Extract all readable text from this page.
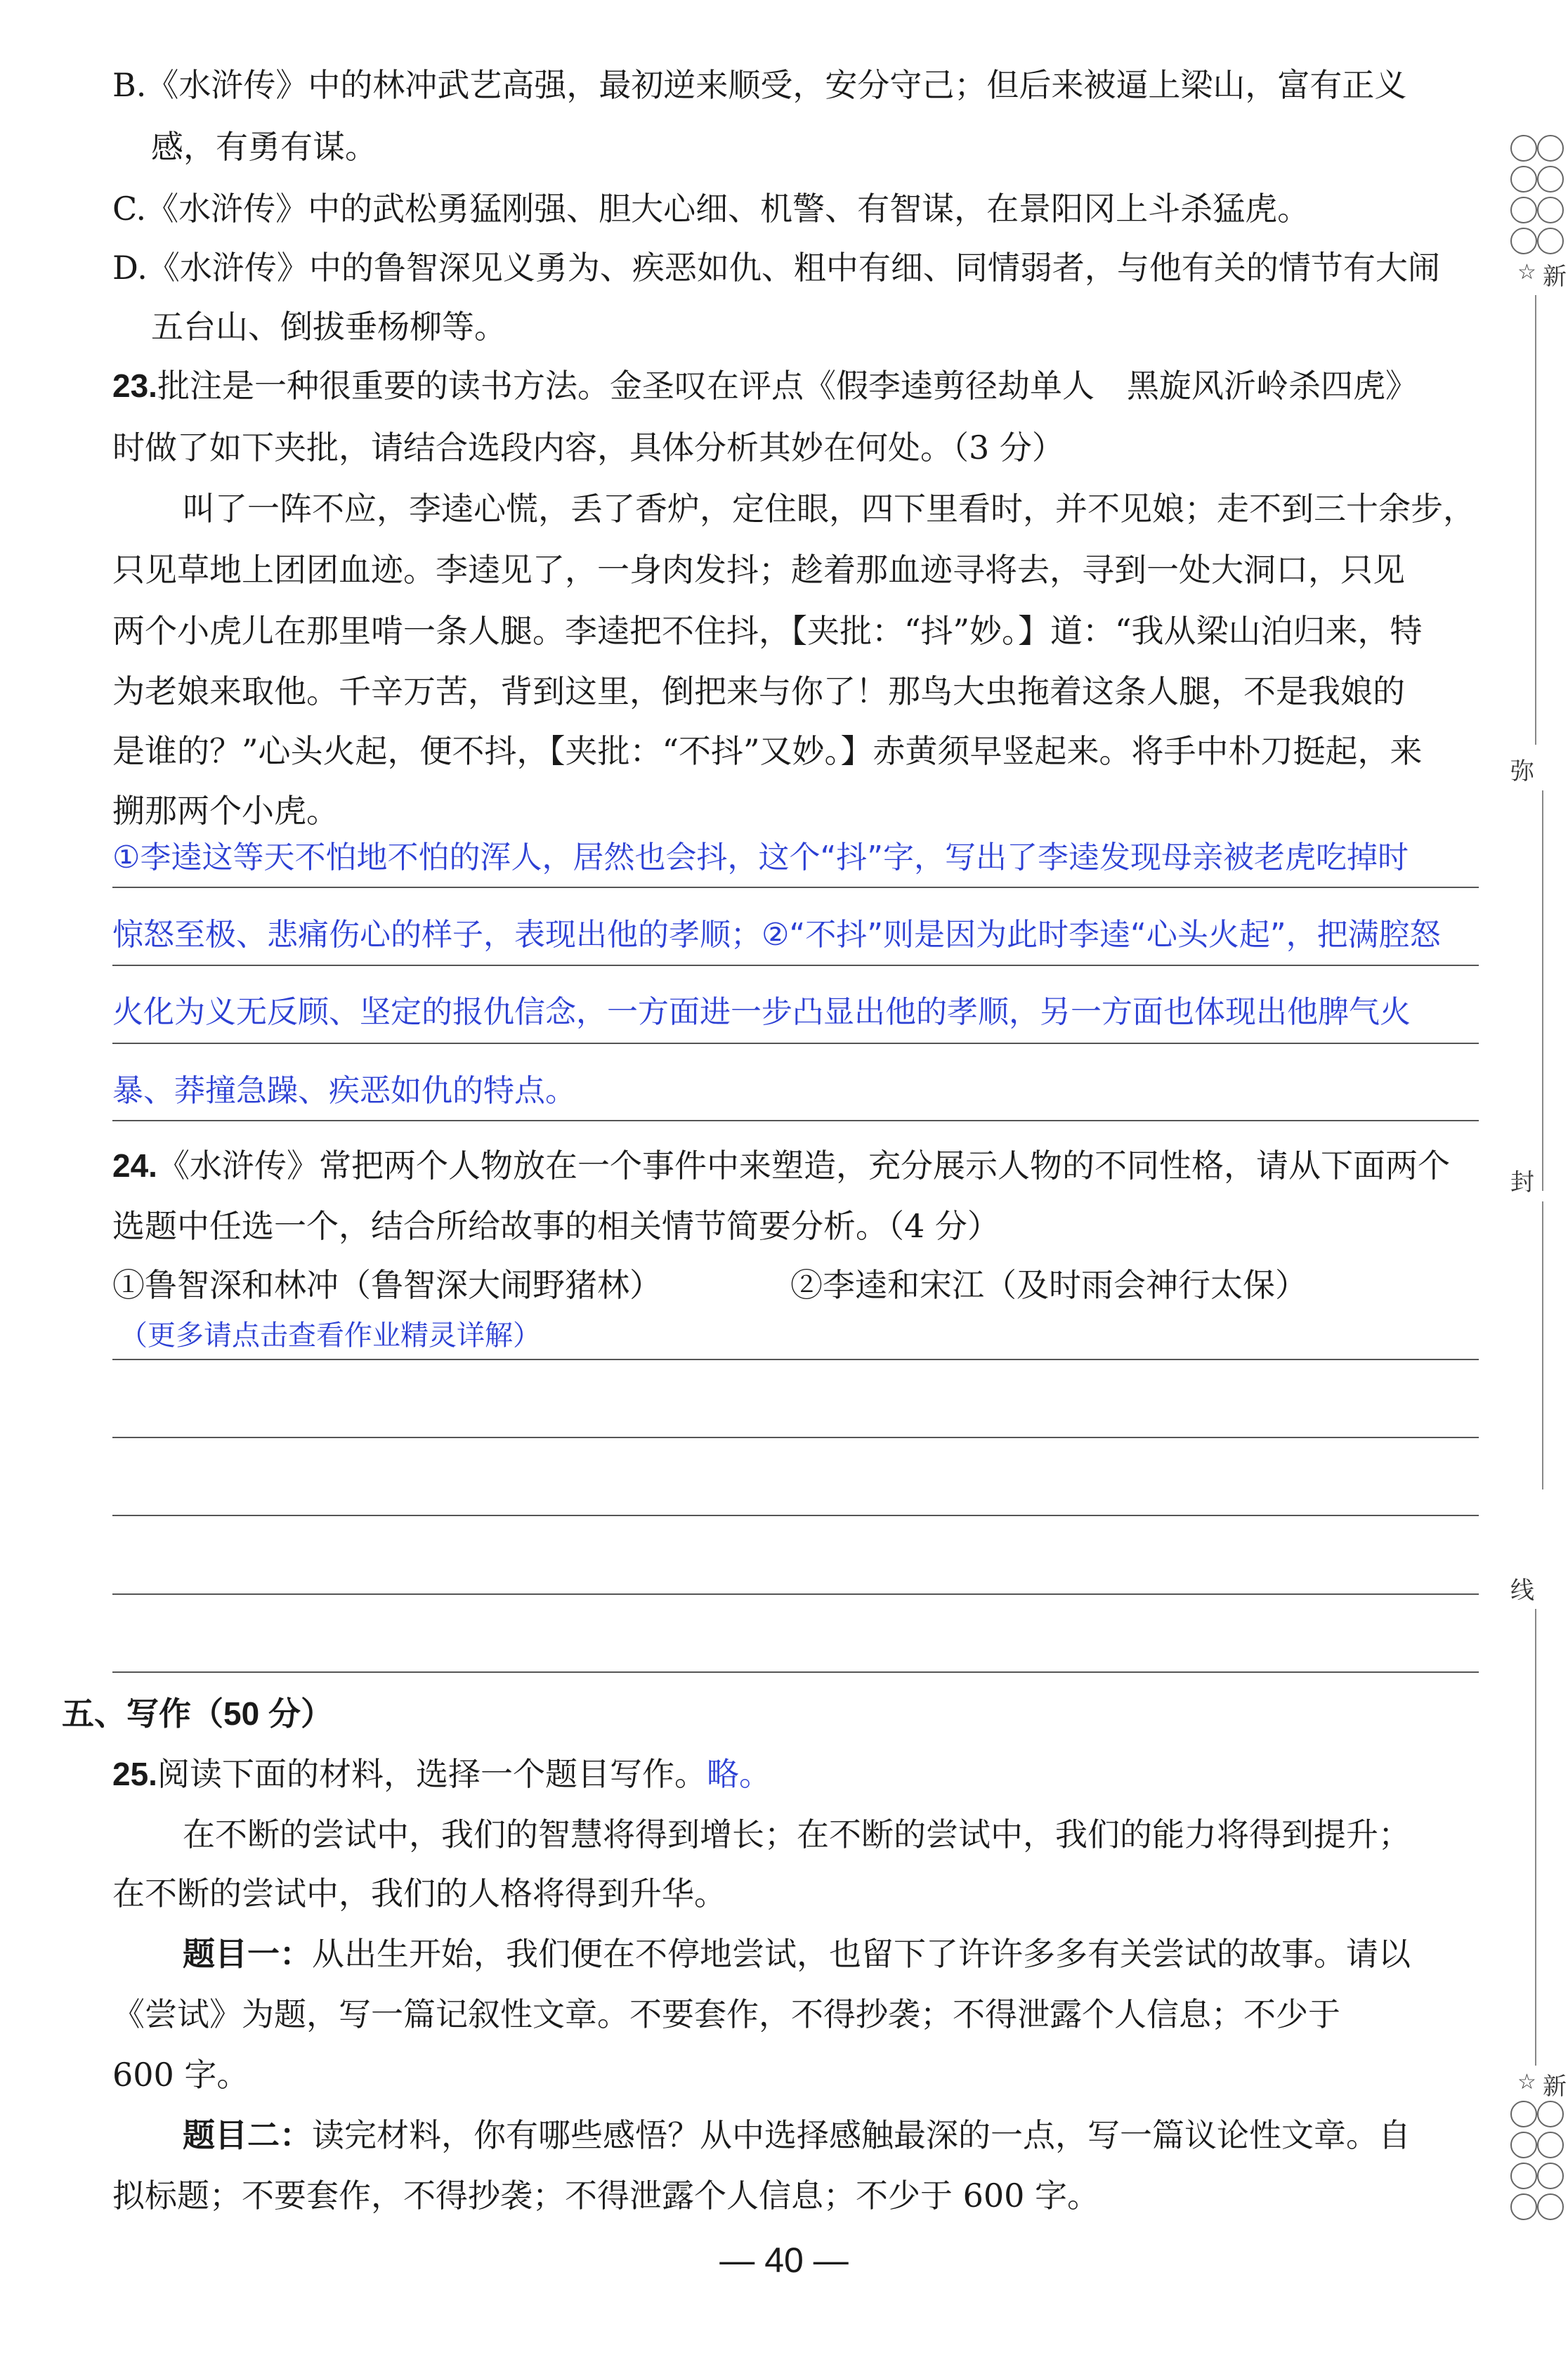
B.《水浒传》中的林冲武艺高强，最初逆来顺受，安分守己；但后来被逼上梁山，富有正义
感，有勇有谋。
C.《水浒传》中的武松勇猛刚强、胆大心细、机警、有智谋，在景阳冈上斗杀猛虎。
D.《水浒传》中的鲁智深见义勇为、疾恶如仇、粗中有细、同情弱者，与他有关的情节有大闹
五台山、倒拔垂杨柳等。
23.批注是一种很重要的读书方法。金圣叹在评点《假李逵剪径劫单人　黑旋风沂岭杀四虎》
时做了如下夹批，请结合选段内容，具体分析其妙在何处。（3 分）
叫了一阵不应，李逵心慌，丢了香炉，定住眼，四下里看时，并不见娘；走不到三十余步，
只见草地上团团血迹。李逵见了，一身肉发抖；趁着那血迹寻将去，寻到一处大洞口，只见
两个小虎儿在那里啃一条人腿。李逵把不住抖，【夹批：“抖”妙。】道：“我从梁山泊归来，特
为老娘来取他。千辛万苦，背到这里，倒把来与你了！那鸟大虫拖着这条人腿，不是我娘的
是谁的？”心头火起，便不抖，【夹批：“不抖”又妙。】赤黄须早竖起来。将手中朴刀挺起，来
搠那两个小虎。
①李逵这等天不怕地不怕的浑人，居然也会抖，这个“抖”字，写出了李逵发现母亲被老虎吃掉时
惊怒至极、悲痛伤心的样子，表现出他的孝顺；②“不抖”则是因为此时李逵“心头火起”，把满腔怒
火化为义无反顾、坚定的报仇信念，一方面进一步凸显出他的孝顺，另一方面也体现出他脾气火
暴、莽撞急躁、疾恶如仇的特点。
24.《水浒传》常把两个人物放在一个事件中来塑造，充分展示人物的不同性格，请从下面两个
选题中任选一个，结合所给故事的相关情节简要分析。（4 分）
①鲁智深和林冲（鲁智深大闹野猪林）	②李逵和宋江（及时雨会神行太保）
（更多请点击查看作业精灵详解）
五、写作（50 分）
25.阅读下面的材料，选择一个题目写作。略。
在不断的尝试中，我们的智慧将得到增长；在不断的尝试中，我们的能力将得到提升；
在不断的尝试中，我们的人格将得到升华。
题目一：从出生开始，我们便在不停地尝试，也留下了许许多多有关尝试的故事。请以
《尝试》为题，写一篇记叙性文章。不要套作，不得抄袭；不得泄露个人信息；不少于
600 字。
题目二：读完材料，你有哪些感悟？从中选择感触最深的一点，写一篇议论性文章。自
拟标题；不要套作，不得抄袭；不得泄露个人信息；不少于 600 字。
— 40 —

☆ 新
弥
封
线
☆ 新
